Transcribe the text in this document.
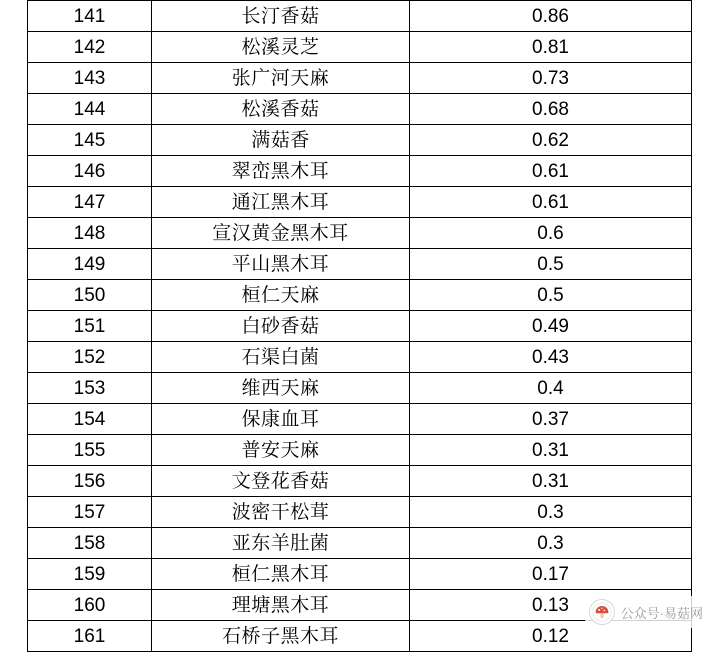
141	长汀香菇	0.86
142	松溪灵芝	0.81
143	张广河天麻	0.73
144	松溪香菇	0.68
145	满菇香	0.62
146	翠峦黑木耳	0.61
147	通江黑木耳	0.61
148	宣汉黄金黑木耳	0.6
149	平山黑木耳	0.5
150	桓仁天麻	0.5
151	白砂香菇	0.49
152	石渠白菌	0.43
153	维西天麻	0.4
154	保康血耳	0.37
155	普安天麻	0.31
156	文登花香菇	0.31
157	波密干松茸	0.3
158	亚东羊肚菌	0.3
159	桓仁黑木耳	0.17
160	理塘黑木耳	0.13
161	石桥子黑木耳	0.12
公众号·易菇网
